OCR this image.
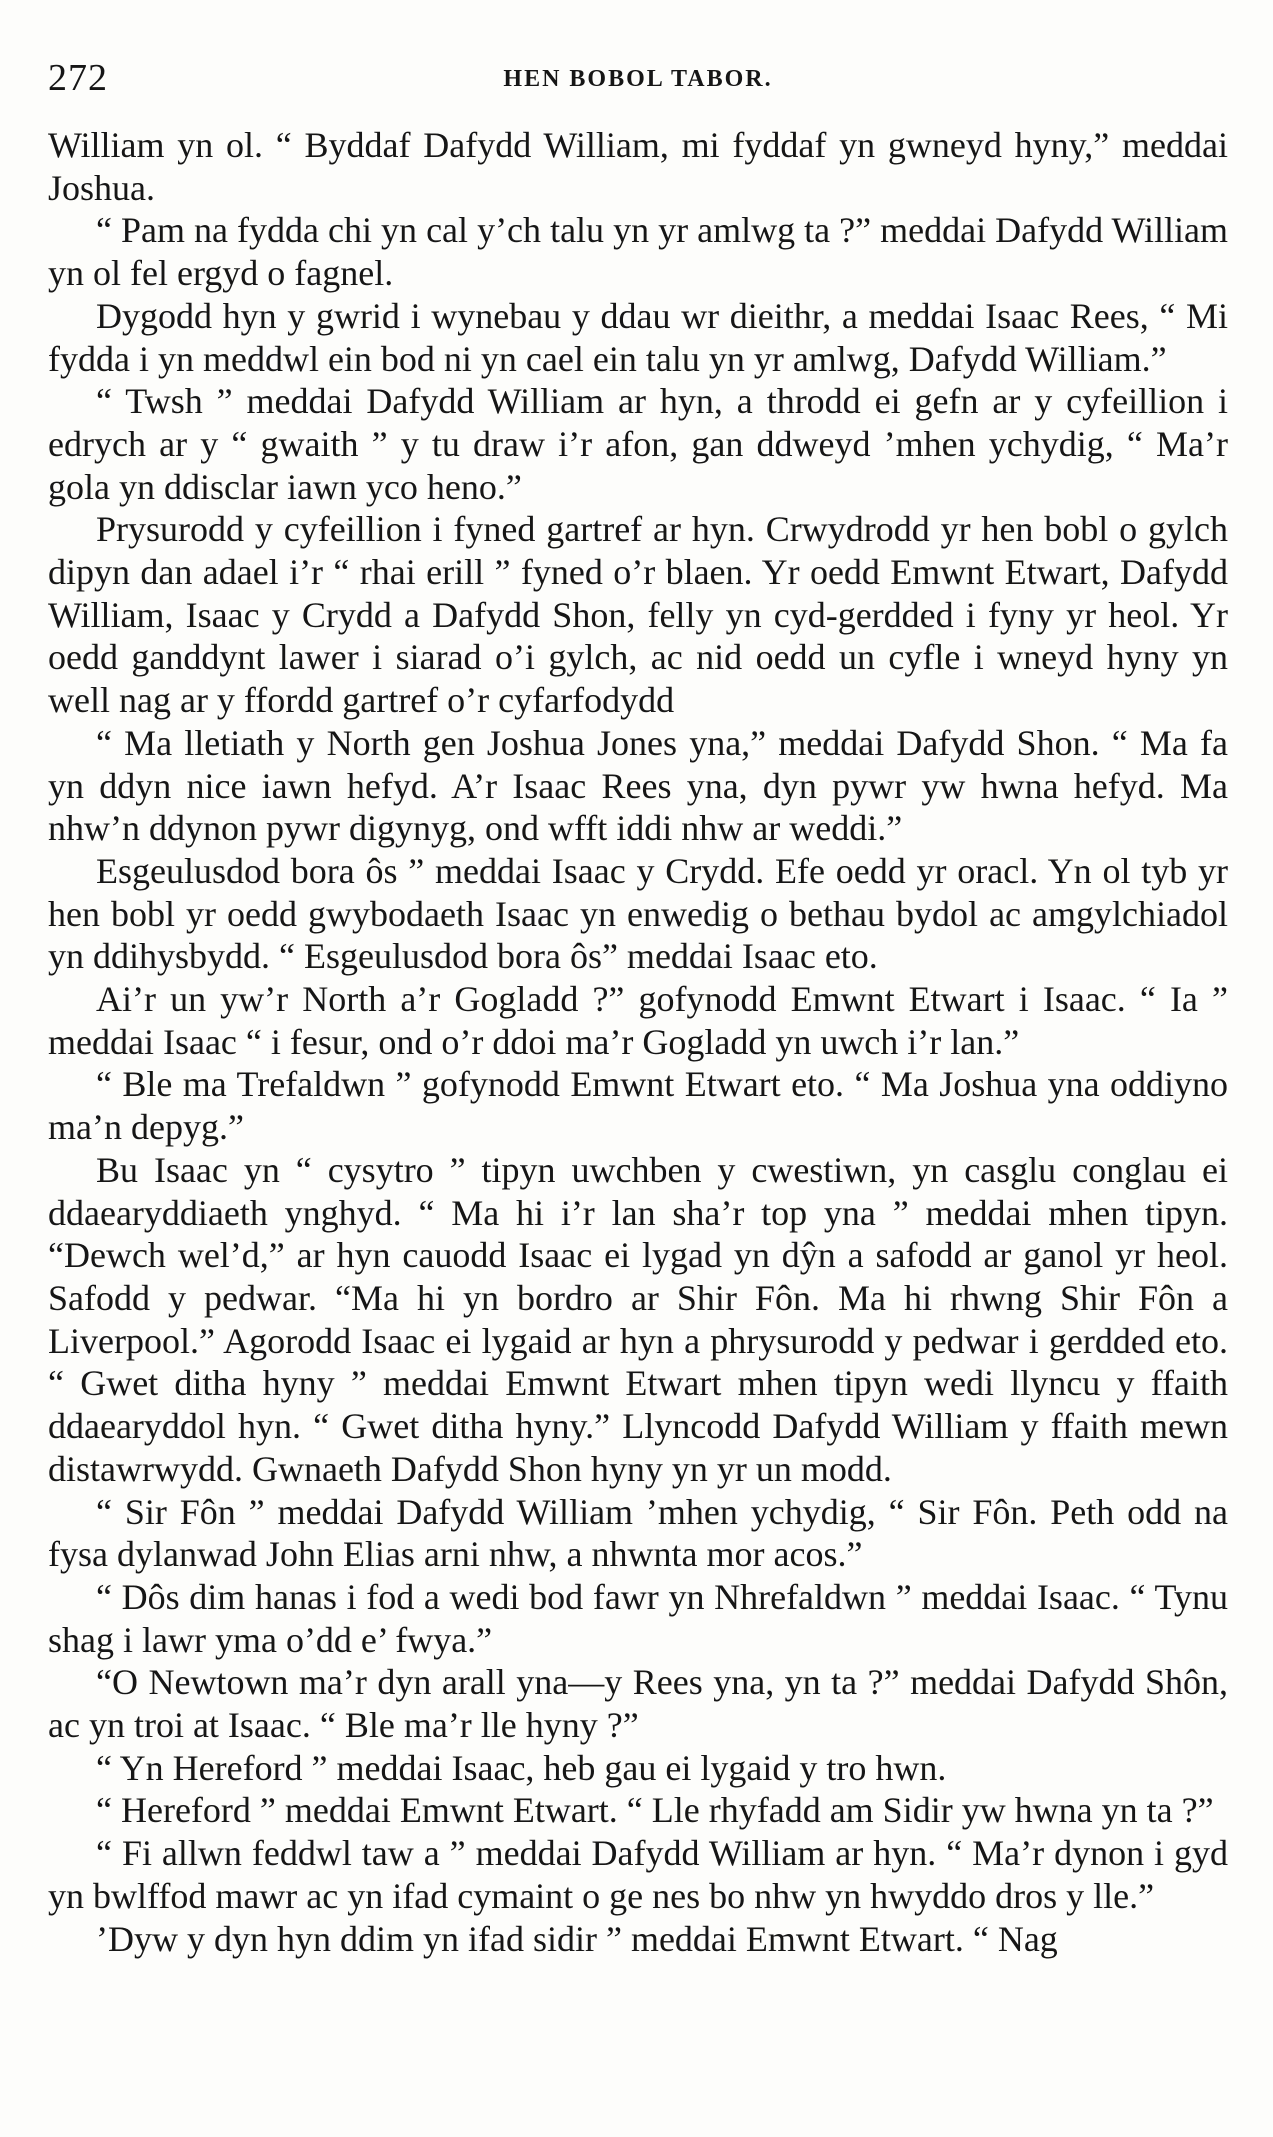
272	HEN BOBOL TABOR.

William yn ol. “ Byddaf Dafydd William, mi fyddaf yn gwneyd hyny,” meddai Joshua.

“ Pam na fydda chi yn cal y’ch talu yn yr amlwg ta ?” meddai Dafydd William yn ol fel ergyd o fagnel.

Dygodd hyn y gwrid i wynebau y ddau wr dieithr, a meddai Isaac Rees, “ Mi fydda i yn meddwl ein bod ni yn cael ein talu yn yr amlwg, Dafydd William.”

“ Twsh ” meddai Dafydd William ar hyn, a throdd ei gefn ar y cyfeillion i edrych ar y “ gwaith ” y tu draw i’r afon, gan ddweyd ’mhen ychydig, “ Ma’r gola yn ddisclar iawn yco heno.”

Prysurodd y cyfeillion i fyned gartref ar hyn. Crwydrodd yr hen bobl o gylch dipyn dan adael i’r “ rhai erill ” fyned o’r blaen. Yr oedd Emwnt Etwart, Dafydd William, Isaac y Crydd a Dafydd Shon, felly yn cyd-gerdded i fyny yr heol. Yr oedd ganddynt lawer i siarad o’i gylch, ac nid oedd un cyfle i wneyd hyny yn well nag ar y ffordd gartref o’r cyfarfodydd

“ Ma lletiath y North gen Joshua Jones yna,” meddai Dafydd Shon. “ Ma fa yn ddyn nice iawn hefyd. A’r Isaac Rees yna, dyn pywr yw hwna hefyd. Ma nhw’n ddynon pywr digynyg, ond wfft iddi nhw ar weddi.”

Esgeulusdod bora ôs ” meddai Isaac y Crydd. Efe oedd yr oracl. Yn ol tyb yr hen bobl yr oedd gwybodaeth Isaac yn enwedig o bethau bydol ac amgylchiadol yn ddihysbydd. “ Esgeulusdod bora ôs” meddai Isaac eto.

Ai’r un yw’r North a’r Gogladd ?” gofynodd Emwnt Etwart i Isaac. “ Ia ” meddai Isaac “ i fesur, ond o’r ddoi ma’r Gogladd yn uwch i’r lan.”

“ Ble ma Trefaldwn ” gofynodd Emwnt Etwart eto. “ Ma Joshua yna oddiyno ma’n depyg.”

Bu Isaac yn “ cysytro ” tipyn uwchben y cwestiwn, yn casglu conglau ei ddaearyddiaeth ynghyd. “ Ma hi i’r lan sha’r top yna ” meddai mhen tipyn. “Dewch wel’d,” ar hyn cauodd Isaac ei lygad yn dŷn a safodd ar ganol yr heol. Safodd y pedwar. “Ma hi yn bordro ar Shir Fôn. Ma hi rhwng Shir Fôn a Liverpool.” Agorodd Isaac ei lygaid ar hyn a phrysurodd y pedwar i gerdded eto. “ Gwet ditha hyny ” meddai Emwnt Etwart mhen tipyn wedi llyncu y ffaith ddaearyddol hyn. “ Gwet ditha hyny.” Llyncodd Dafydd William y ffaith mewn distawrwydd. Gwnaeth Dafydd Shon hyny yn yr un modd.

“ Sir Fôn ” meddai Dafydd William ’mhen ychydig, “ Sir Fôn. Peth odd na fysa dylanwad John Elias arni nhw, a nhwnta mor acos.”

“ Dôs dim hanas i fod a wedi bod fawr yn Nhrefaldwn ” meddai Isaac. “ Tynu shag i lawr yma o’dd e’ fwya.”

“O Newtown ma’r dyn arall yna—y Rees yna, yn ta ?” meddai Dafydd Shôn, ac yn troi at Isaac. “ Ble ma’r lle hyny ?”

“ Yn Hereford ” meddai Isaac, heb gau ei lygaid y tro hwn.

“ Hereford ” meddai Emwnt Etwart. “ Lle rhyfadd am Sidir yw hwna yn ta ?”

“ Fi allwn feddwl taw a ” meddai Dafydd William ar hyn. “ Ma’r dynon i gyd yn bwlffod mawr ac yn ifad cymaint o ge nes bo nhw yn hwyddo dros y lle.”

’Dyw y dyn hyn ddim yn ifad sidir ” meddai Emwnt Etwart. “ Nag
